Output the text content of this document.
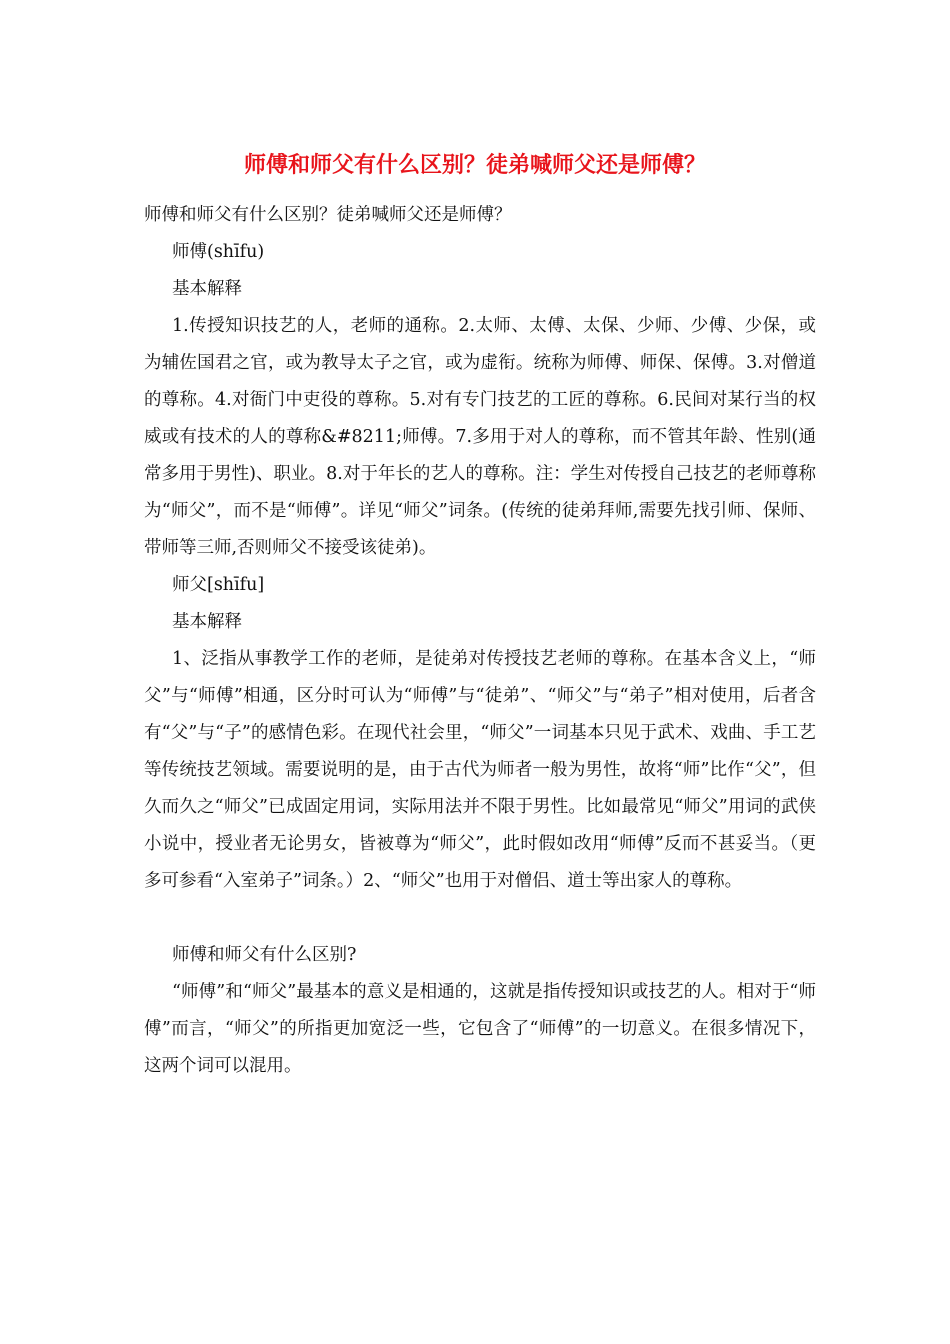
师傅和师父有什么区别？徒弟喊师父还是师傅？

师傅和师父有什么区别？徒弟喊师父还是师傅？

师傅(shīfu)

基本解释

1.传授知识技艺的人，老师的通称。2.太师、太傅、太保、少师、少傅、少保，或为辅佐国君之官，或为教导太子之官，或为虚衔。统称为师傅、师保、保傅。3.对僧道的尊称。4.对衙门中吏役的尊称。5.对有专门技艺的工匠的尊称。6.民间对某行当的权威或有技术的人的尊称&#8211;师傅。7.多用于对人的尊称，而不管其年龄、性别(通常多用于男性)、职业。8.对于年长的艺人的尊称。注：学生对传授自己技艺的老师尊称为“师父”，而不是“师傅”。详见“师父”词条。(传统的徒弟拜师,需要先找引师、保师、带师等三师,否则师父不接受该徒弟)。

师父[shīfu]

基本解释

1、泛指从事教学工作的老师，是徒弟对传授技艺老师的尊称。在基本含义上，“师父”与“师傅”相通，区分时可认为“师傅”与“徒弟”、“师父”与“弟子”相对使用，后者含有“父”与“子”的感情色彩。在现代社会里，“师父”一词基本只见于武术、戏曲、手工艺等传统技艺领域。需要说明的是，由于古代为师者一般为男性，故将“师”比作“父”，但久而久之“师父”已成固定用词，实际用法并不限于男性。比如最常见“师父”用词的武侠小说中，授业者无论男女，皆被尊为“师父”，此时假如改用“师傅”反而不甚妥当。（更多可参看“入室弟子”词条。）2、“师父”也用于对僧侣、道士等出家人的尊称。

师傅和师父有什么区别?

“师傅”和“师父”最基本的意义是相通的，这就是指传授知识或技艺的人。相对于“师傅”而言，“师父”的所指更加宽泛一些，它包含了“师傅”的一切意义。在很多情况下，这两个词可以混用。
